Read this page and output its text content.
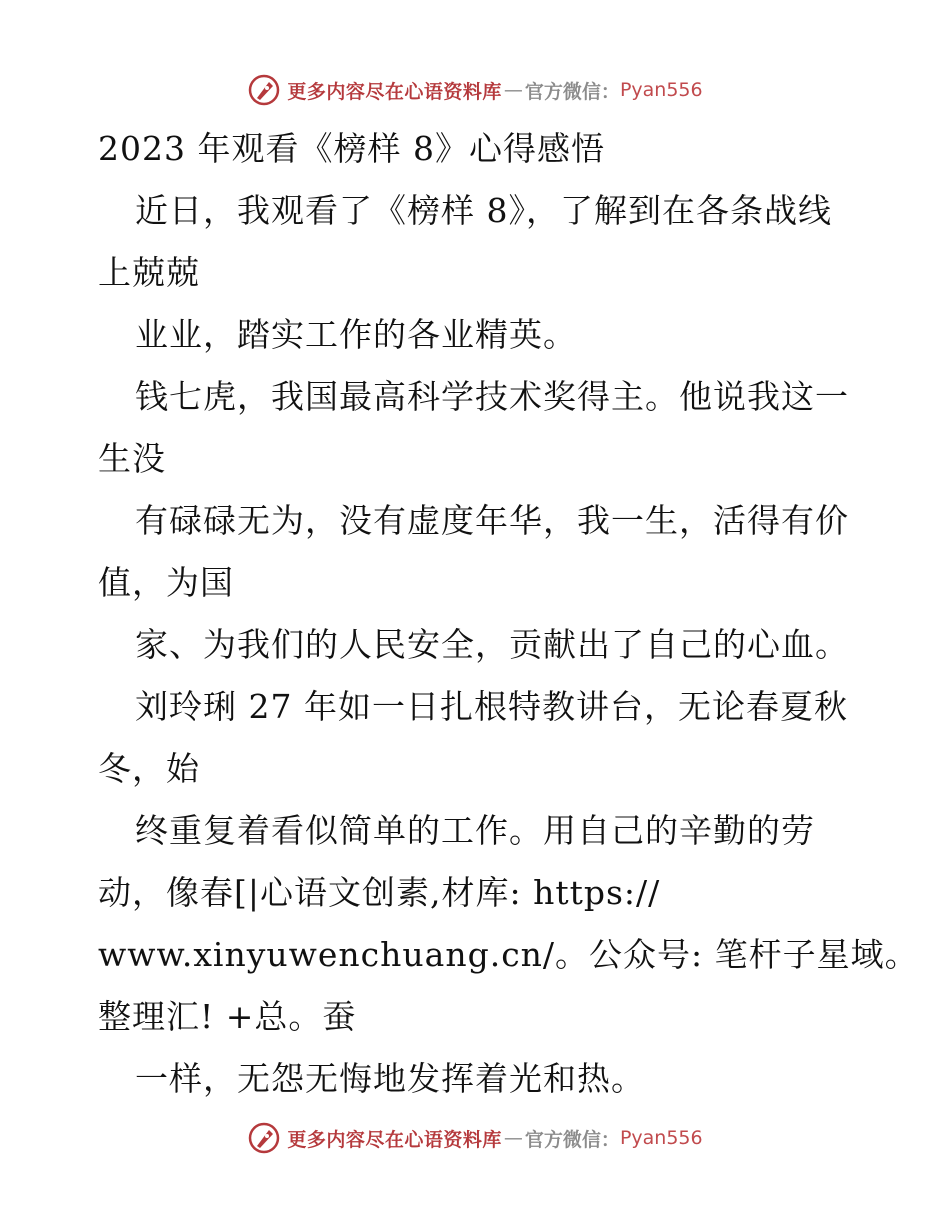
更多内容尽在心语资料库 — 官方微信： Pyan556
2023 年观看《榜样 8》心得感悟
近日，我观看了《榜样 8》，了解到在各条战线
上兢兢
业业，踏实工作的各业精英。
钱七虎，我国最高科学技术奖得主。他说我这一
生没
有碌碌无为，没有虚度年华，我一生，活得有价
值，为国
家、为我们的人民安全，贡献出了自己的心血。
刘玲琍 27 年如一日扎根特教讲台，无论春夏秋
冬，始
终重复着看似简单的工作。用自己的辛勤的劳
动，像春[|心语文创素,材库: https://
www.xinyuwenchuang.cn/。公众号: 笔杆子星域。
整理汇! +总。蚕
一样，无怨无悔地发挥着光和热。
更多内容尽在心语资料库 — 官方微信： Pyan556
